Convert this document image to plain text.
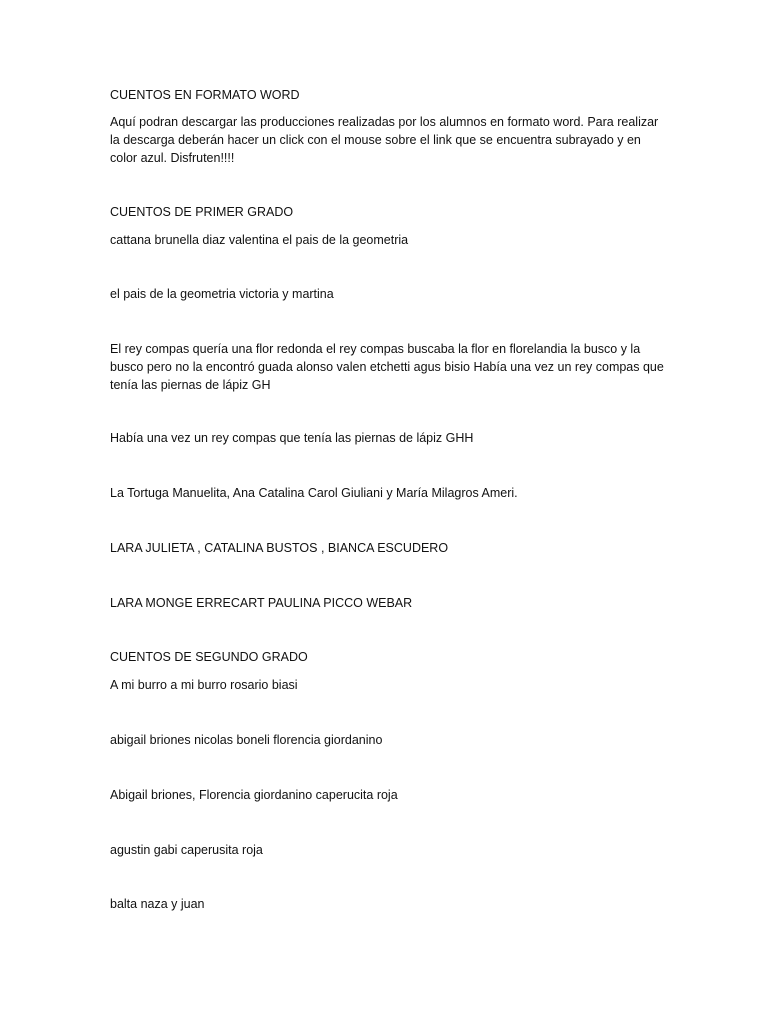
CUENTOS EN FORMATO WORD
Aquí podran descargar las producciones realizadas por los alumnos en formato word. Para realizar la descarga deberán hacer un click con el mouse sobre el link que se encuentra subrayado y en color azul. Disfruten!!!!
CUENTOS DE PRIMER GRADO
cattana brunella diaz valentina el pais de la geometria
el pais de la geometria victoria y martina
El rey compas quería una flor redonda el rey compas buscaba la flor en florelandia la busco y la busco pero no la encontró guada alonso valen etchetti agus bisio Había una vez un rey compas que tenía las piernas de lápiz GH
Había una vez un rey compas que tenía las piernas de lápiz GHH
La Tortuga Manuelita, Ana Catalina Carol Giuliani y María Milagros Ameri.
LARA JULIETA , CATALINA BUSTOS , BIANCA ESCUDERO
LARA MONGE ERRECART PAULINA PICCO WEBAR
CUENTOS DE SEGUNDO GRADO
A mi burro a mi burro rosario biasi
abigail briones nicolas boneli florencia giordanino
Abigail briones, Florencia giordanino caperucita roja
agustin gabi caperusita roja
balta naza y juan
